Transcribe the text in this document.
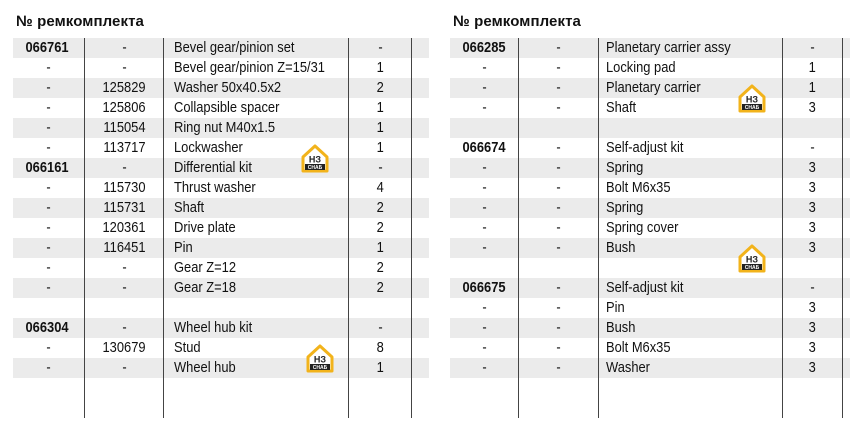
№ ремкомплекта
066761	-	Bevel gear/pinion set	-
-	-	Bevel gear/pinion Z=15/31	1
-	125829	Washer 50x40.5x2	2
-	125806	Collapsible spacer	1
-	115054	Ring nut M40x1.5	1
-	113717	Lockwasher	1
066161	-	Differential kit	-
-	115730	Thrust washer	4
-	115731	Shaft	2
-	120361	Drive plate	2
-	116451	Pin	1
-	-	Gear Z=12	2
-	-	Gear Z=18	2
066304	-	Wheel hub kit	-
-	130679	Stud	8
-	-	Wheel hub	1
№ ремкомплекта
066285	-	Planetary carrier assy	-
-	-	Locking pad	1
-	-	Planetary carrier	1
-	-	Shaft	3
066674	-	Self-adjust kit	-
-	-	Spring	3
-	-	Bolt M6x35	3
-	-	Spring	3
-	-	Spring cover	3
-	-	Bush	3
066675	-	Self-adjust kit	-
-	-	Pin	3
-	-	Bush	3
-	-	Bolt M6x35	3
-	-	Washer	3
НЗ
СНАБ
НЗ
СНАБ
НЗ
СНАБ
НЗ
СНАБ
